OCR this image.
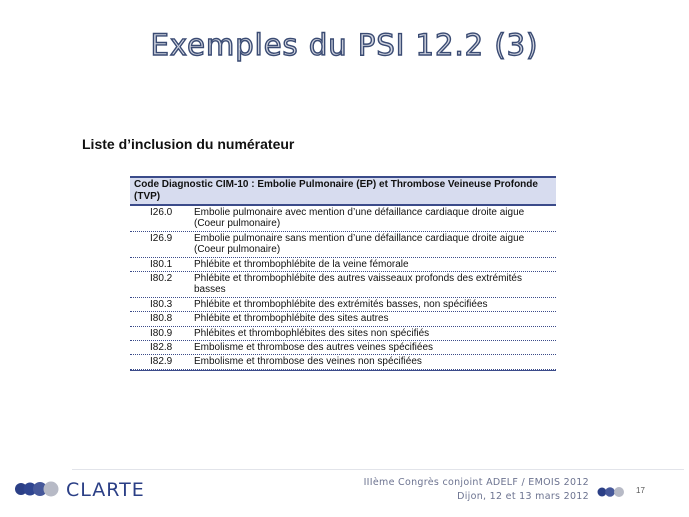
Exemples du PSI 12.2 (3)
Liste d’inclusion du numérateur
Code Diagnostic CIM-10 : Embolie Pulmonaire (EP) et Thrombose Veineuse Profonde (TVP)
I26.0	Embolie pulmonaire avec mention d’une défaillance cardiaque droite aigue (Coeur pulmonaire)
I26.9	Embolie pulmonaire sans mention d’une défaillance cardiaque droite aigue (Coeur pulmonaire)
I80.1	Phlébite et thrombophlébite de la veine fémorale
I80.2	Phlébite et thrombophlébite des autres vaisseaux profonds des extrémités basses
I80.3	Phlébite et thrombophlébite des extrémités basses, non spécifiées
I80.8	Phlébite et thrombophlébite des sites autres
I80.9	Phlébites et thrombophlébites des sites non spécifiés
I82.8	Embolisme et thrombose des autres veines spécifiées
I82.9	Embolisme et thrombose des veines non spécifiées
CLARTE	IIIème Congrès conjoint ADELF / EMOIS 2012
Dijon, 12 et 13 mars 2012
17
